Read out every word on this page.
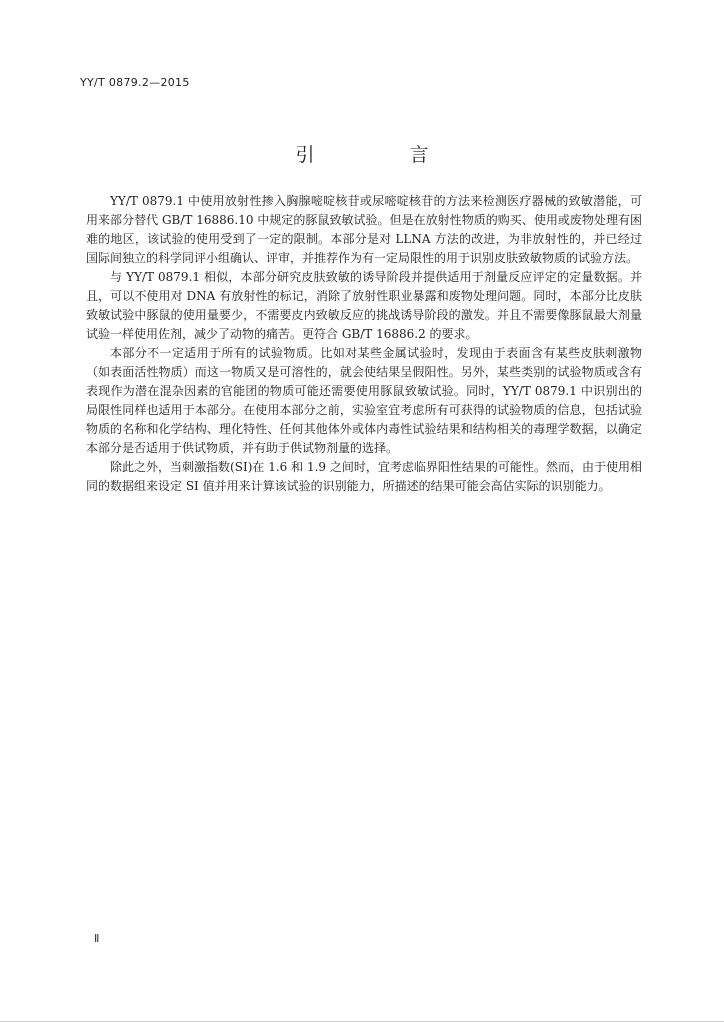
YY/T 0879.2—2015
引　言

YY/T 0879.1 中使用放射性掺入胸腺嘧啶核苷或尿嘧啶核苷的方法来检测医疗器械的致敏潜能，可用来部分替代 GB/T 16886.10 中规定的豚鼠致敏试验。但是在放射性物质的购买、使用或废物处理有困难的地区，该试验的使用受到了一定的限制。本部分是对 LLNA 方法的改进，为非放射性的，并已经过国际间独立的科学同评小组确认、评审，并推荐作为有一定局限性的用于识别皮肤致敏物质的试验方法。

与 YY/T 0879.1 相似，本部分研究皮肤致敏的诱导阶段并提供适用于剂量反应评定的定量数据。并且，可以不使用对 DNA 有放射性的标记，消除了放射性职业暴露和废物处理问题。同时，本部分比皮肤致敏试验中豚鼠的使用量要少，不需要皮内致敏反应的挑战诱导阶段的激发。并且不需要像豚鼠最大剂量试验一样使用佐剂，减少了动物的痛苦。更符合 GB/T 16886.2 的要求。

本部分不一定适用于所有的试验物质。比如对某些金属试验时，发现由于表面含有某些皮肤刺激物（如表面活性物质）而这一物质又是可溶性的，就会使结果呈假阳性。另外，某些类别的试验物质或含有表现作为潜在混杂因素的官能团的物质可能还需要使用豚鼠致敏试验。同时，YY/T 0879.1 中识别出的局限性同样也适用于本部分。在使用本部分之前，实验室宜考虑所有可获得的试验物质的信息，包括试验物质的名称和化学结构、理化特性、任何其他体外或体内毒性试验结果和结构相关的毒理学数据，以确定本部分是否适用于供试物质，并有助于供试物剂量的选择。

除此之外，当刺激指数(SI)在 1.6 和 1.9 之间时，宜考虑临界阳性结果的可能性。然而，由于使用相同的数据组来设定 SI 值并用来计算该试验的识别能力，所描述的结果可能会高估实际的识别能力。

Ⅱ
